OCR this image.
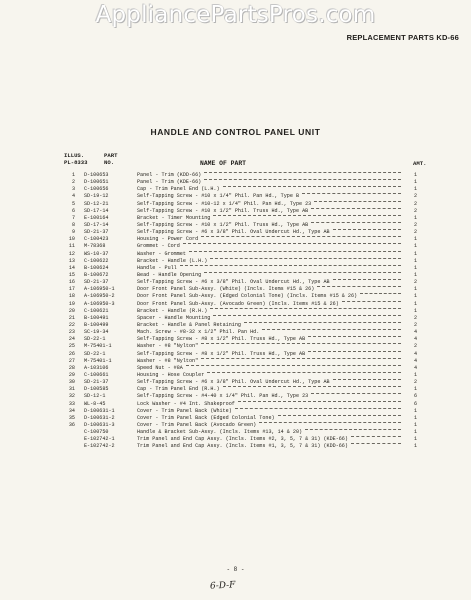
AppliancePartsPros.com
REPLACEMENT PARTS KD-66
HANDLE AND CONTROL PANEL UNIT
ILLUS.
PL-8333
PART
NO.	NAME OF PART	AMT.
1 D-100653	Panel - Trim (KDD-66)	1
2 D-100651	Panel - Trim (KDE-66)	1
3 C-100656	Cap - Trim Panel End (L.H.)	1
4 SD-19-12	Self-Tapping Screw - #10 x 1/4" Phil. Pan Hd., Type B	2
5 SD-12-21	Self-Tapping Screw - #10-12 x 1/4" Phil. Pan Hd., Type 23	2
6 SD-17-14	Self-Tapping Screw - #10 x 1/2" Phil. Truss Hd., Type AB	2
7 E-100164	Bracket - Timer Mounting	1
8 SD-17-14	Self-Tapping Screw - #10 x 1/2" Phil. Truss Hd., Type AB	2
9 SD-21-37	Self-Tapping Screw - #6 x 3/8" Phil. Oval Undercut Hd., Type AB	2
10 C-100423	Housing - Power Cord	1
11 M-78368	Grommet - Cord	1
12 WS-10-37	Washer - Grommet	1
13 C-100622	Bracket - Handle (L.H.)	1
14 B-100624	Handle - Pull	1
15 B-100672	Bead - Handle Opening	1
16 SD-21-37	Self-Tapping Screw - #6 x 3/8" Phil. Oval Undercut Hd., Type AB	2
17 A-106950-1	Door Front Panel Sub-Assy. (White) (Incls. Items #15 & 26)	1
18 A-106950-2	Door Front Panel Sub-Assy. (Edged Colonial Tone) (Incls. Items #15 & 26)	1
19 A-106950-3	Door Front Panel Sub-Assy. (Avocado Green) (Incls. Items #15 & 26)	1
20 C-100621	Bracket - Handle (R.H.)	1
21 B-100491	Spacer - Handle Mounting	2
22 B-100499	Bracket - Handle & Panel Retaining	2
23 SC-19-34	Mach. Screw - #8-32 x 1/2" Phil. Pan Hd.	4
24 SD-22-1	Self-Tapping Screw - #8 x 1/2" Phil. Truss Hd., Type AB	4
25 M-75401-1	Washer - #8 "Nylton"	2
26 SD-22-1	Self-Tapping Screw - #8 x 1/2" Phil. Truss Hd., Type AB	4
27 M-75401-1	Washer - #8 "Nylton"	4
28 A-103106	Speed Nut - #8A	4
29 C-100661	Housing - Hose Coupler	1
30 SD-21-37	Self-Tapping Screw - #6 x 3/8" Phil. Oval Undercut Hd., Type AB	2
31 D-100585	Cap - Trim Panel End (R.H.)	1
32 SD-12-1	Self-Tapping Screw - #4-40 x 1/4" Phil. Pan Hd., Type 23	6
33 WL-8-45	Lock Washer - #4 Int. Shakeproof	6
34 D-100631-1	Cover - Trim Panel Back (White)	1
35 D-100631-2	Cover - Trim Panel Back (Edged Colonial Tone)	1
36 D-100631-3	Cover - Trim Panel Back (Avocado Green)	1
C-100750	Handle & Bracket Sub-Assy. (Incls. Items #13, 14 & 20)	1
E-102742-1	Trim Panel and End Cap Assy. (Incls. Items #2, 3, 5, 7 & 31) (KDE-66)	1
E-102742-2	Trim Panel and End Cap Assy. (Incls. Items #1, 3, 5, 7 & 31) (KDD-66)	1
- 8 -
6-D-F
